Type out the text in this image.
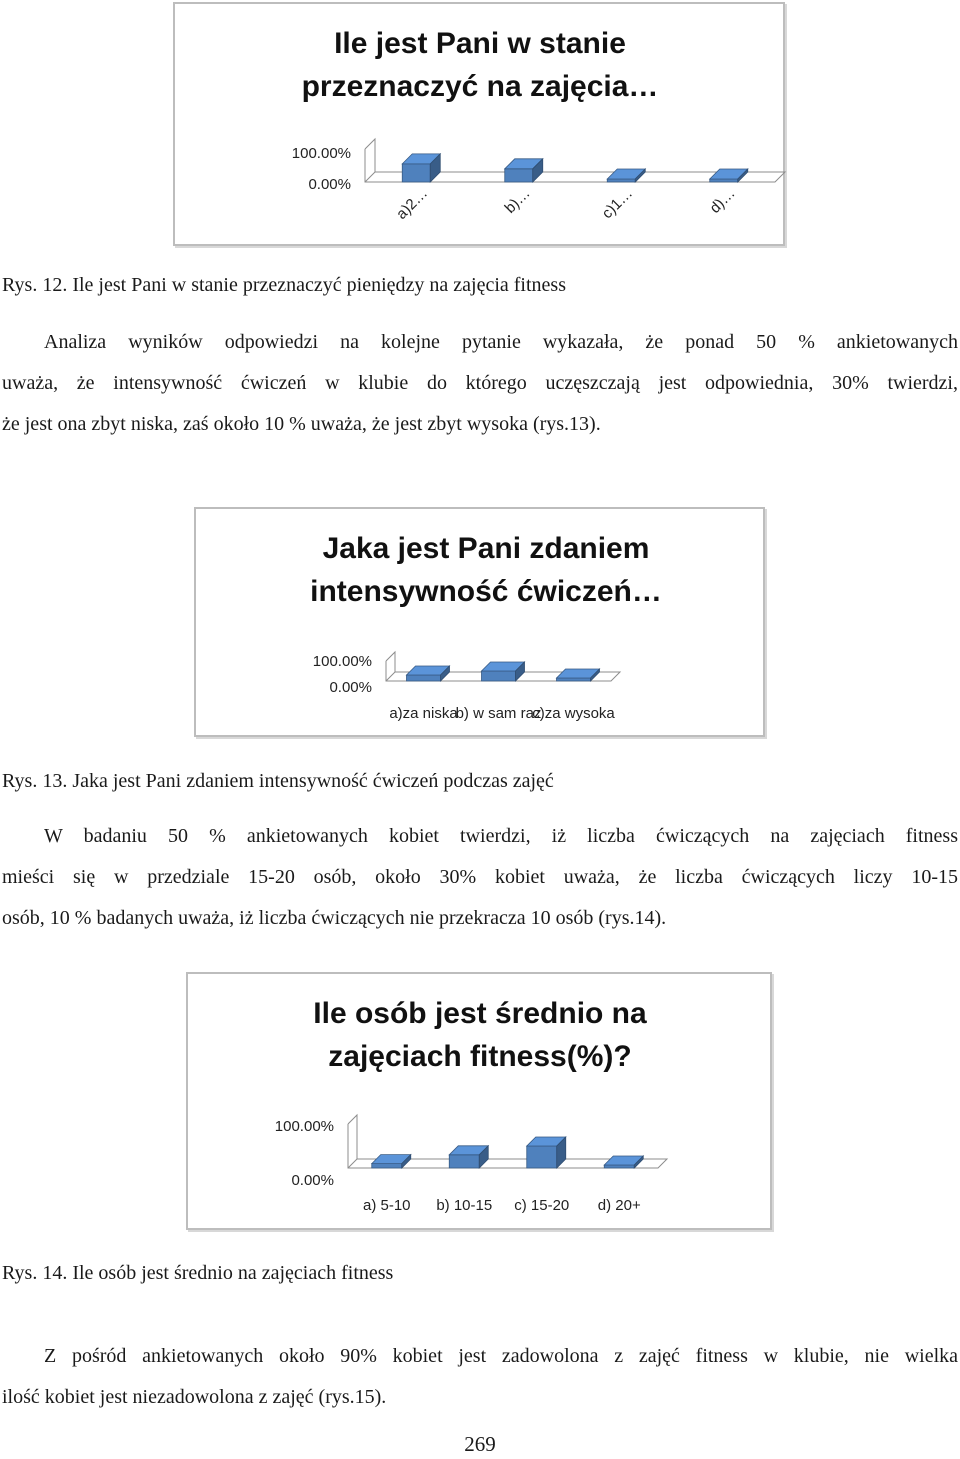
Ile jest Pani w stanie
przeznaczyć na zajęcia…
100.00%
0.00%
a)2…	b)…	c)1…	d)…
Rys. 12. Ile jest Pani w stanie przeznaczyć pieniędzy na zajęcia fitness

Analiza wyników odpowiedzi na kolejne pytanie wykazała, że ponad 50 % ankietowanych
uważa, że intensywność ćwiczeń w klubie do którego uczęszczają jest odpowiednia, 30% twierdzi,
że jest ona zbyt niska, zaś około 10 % uważa, że jest zbyt wysoka (rys.13).

Jaka jest Pani zdaniem
intensywność ćwiczeń…
100.00%
0.00%
a)za niska
b) w sam raz
c)za wysoka
Rys. 13. Jaka jest Pani zdaniem intensywność ćwiczeń podczas zajęć

W badaniu 50 % ankietowanych kobiet twierdzi, iż liczba ćwiczących na zajęciach fitness
mieści się w przedziale 15-20 osób, około 30% kobiet uważa, że liczba ćwiczących liczy 10-15
osób, 10 % badanych uważa, iż liczba ćwiczących nie przekracza 10 osób (rys.14).

Ile osób jest średnio na
zajęciach fitness(%)?
100.00%
0.00%
a) 5-10 b) 10-15 c) 15-20 d) 20+
Rys. 14. Ile osób jest średnio na zajęciach fitness

Z pośród ankietowanych około 90% kobiet jest zadowolona z zajęć fitness w klubie, nie wielka
ilość kobiet jest niezadowolona z zajęć (rys.15).

269
